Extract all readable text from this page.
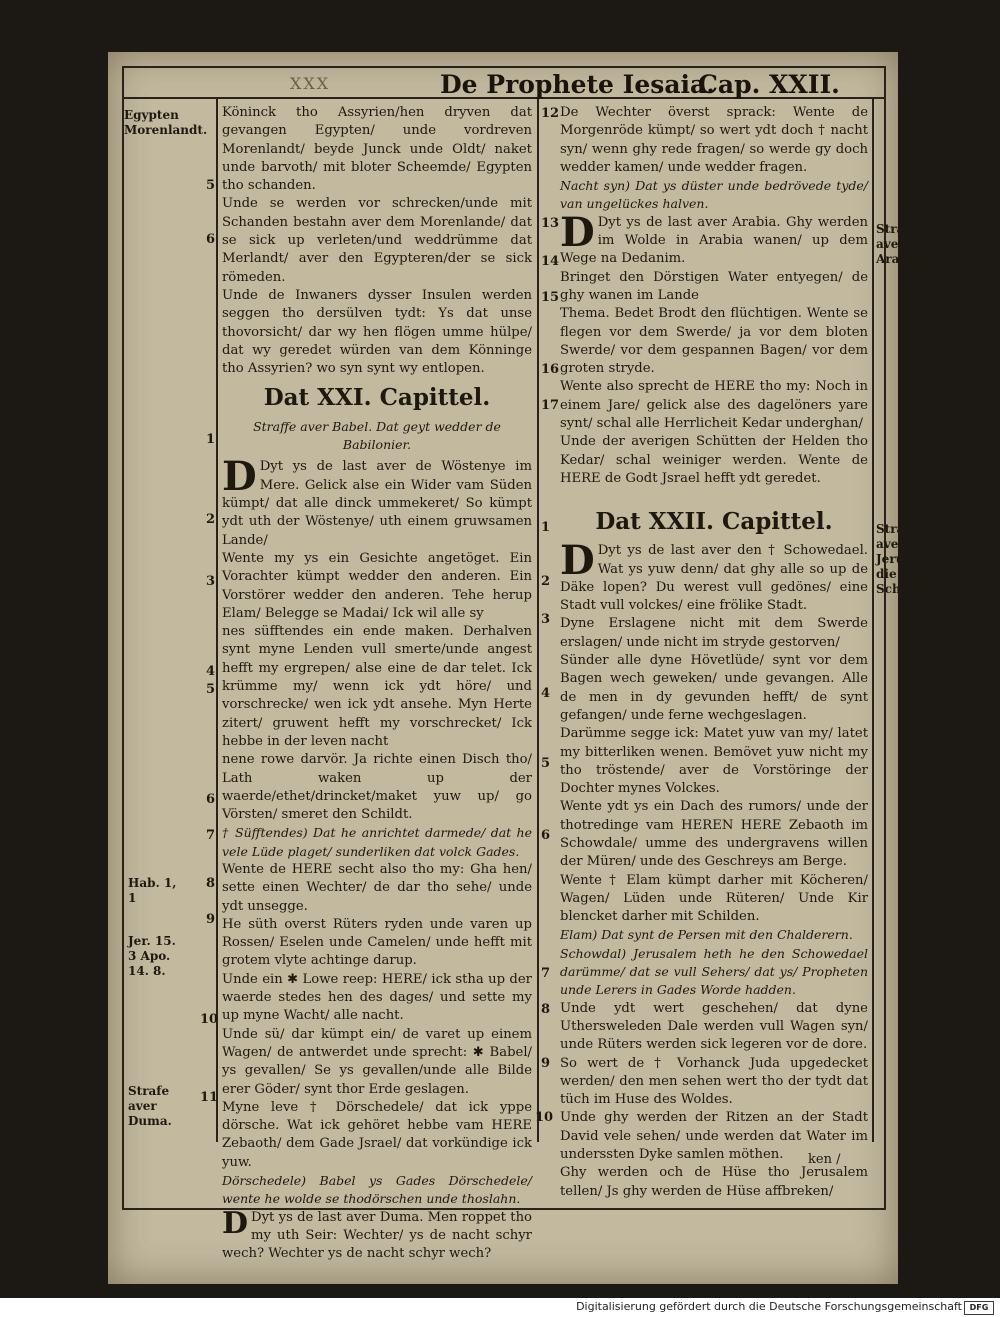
XXX	De Prophete Iesaia.
Cap. XXII.
Egypten Morenlandt.
Hab. 1, 1
Jer. 15. 3 Apo. 14. 8.
Strafe aver Duma.
Straffe aver Arabien.
Straffe aver Jerusalem die Schowdael.
5
6
1
2
3
4
5
6
7
8
9
10
11

Köninck tho Assyrien/hen dryven dat gevangen Egypten/ unde vordreven Morenlandt/ beyde Junck unde Oldt/ naket unde barvoth/ mit bloter Scheemde/ Egypten tho schanden.

Unde se werden vor schrecken/unde mit Schanden bestahn aver dem Morenlande/ dat se sick up verleten/und weddrümme dat Merlandt/ aver den Egypteren/der se sick römeden.

Unde de Inwaners dysser Insulen werden seggen tho dersülven tydt: Ys dat unse thovorsicht/ dar wy hen flögen umme hülpe/ dat wy geredet würden van dem Könninge tho Assyrien? wo syn synt wy entlopen.

Dat XXI. Capittel.

Straffe aver Babel. Dat geyt wedder de Babilonier.

D Dyt ys de last aver de Wöstenye im Mere. Gelick alse ein Wider vam Süden kümpt/ dat alle dinck ummekeret/ So kümpt ydt uth der Wöstenye/ uth einem gruwsamen Lande/

Wente my ys ein Gesichte angetöget. Ein Vorachter kümpt wedder den anderen. Ein Vorstörer wedder den anderen. Tehe herup Elam/ Belegge se Madai/ Ick wil alle sy

nes süfftendes ein ende maken. Derhalven synt myne Lenden vull smerte/unde angest hefft my ergrepen/ alse eine de dar telet. Ick krümme my/ wenn ick ydt höre/ und vorschrecke/ wen ick ydt ansehe. Myn Herte zitert/ gruwent hefft my vorschrecket/ Ick hebbe in der leven nacht

nene rowe darvör. Ja richte einen Disch tho/ Lath waken up der waerde/ethet/drincket/maket yuw up/ go Vörsten/ smeret den Schildt.

† Süfftendes) Dat he anrichtet darmede/ dat he vele Lüde plaget/ sunderliken dat volck Gades.

Wente de HERE secht also tho my: Gha hen/ sette einen Wechter/ de dar tho sehe/ unde ydt unsegge.

He süth overst Rüters ryden unde varen up Rossen/ Eselen unde Camelen/ unde hefft mit grotem vlyte achtinge darup.

Unde ein ✱ Lowe reep: HERE/ ick stha up der waerde stedes hen des dages/ und sette my up myne Wacht/ alle nacht.

Unde sü/ dar kümpt ein/ de varet up einem Wagen/ de antwerdet unde sprecht: ✱ Babel/ ys gevallen/ Se ys gevallen/unde alle Bilde erer Göder/ synt thor Erde geslagen.

Myne leve † Dörschedele/ dat ick yppe dörsche. Wat ick gehöret hebbe vam HERE Zebaoth/ dem Gade Jsrael/ dat vorkündige ick yuw.

Dörschedele) Babel ys Gades Dörschedele/ wente he wolde se thodörschen unde thoslahn.

D Dyt ys de last aver Duma. Men roppet tho my uth Seir: Wechter/ ys de nacht schyr wech? Wechter ys de nacht schyr wech?

12
13
14
15
16
17
1
2
3
4
5
6
7
8
9
10

De Wechter överst sprack: Wente de Morgenröde kümpt/ so wert ydt doch † nacht syn/ wenn ghy rede fragen/ so werde gy doch wedder kamen/ unde wedder fragen.

Nacht syn) Dat ys düster unde bedrövede tyde/ van ungelückes halven.

D Dyt ys de last aver Arabia. Ghy werden im Wolde in Arabia wanen/ up dem Wege na Dedanim.

Bringet den Dörstigen Water entyegen/ de ghy wanen im Lande

Thema. Bedet Brodt den flüchtigen. Wente se flegen vor dem Swerde/ ja vor dem bloten Swerde/ vor dem gespannen Bagen/ vor dem groten stryde.

Wente also sprecht de HERE tho my: Noch in einem Jare/ gelick alse des dagelöners yare synt/ schal alle Herrlicheit Kedar underghan/

Unde der averigen Schütten der Helden tho Kedar/ schal weiniger werden. Wente de HERE de Godt Jsrael hefft ydt geredet.

Dat XXII. Capittel.

D Dyt ys de last aver den † Schowedael. Wat ys yuw denn/ dat ghy alle so up de Däke lopen? Du werest vull gedönes/ eine Stadt vull volckes/ eine frölike Stadt.

Dyne Erslagene nicht mit dem Swerde erslagen/ unde nicht im stryde gestorven/

Sünder alle dyne Hövetlüde/ synt vor dem Bagen wech geweken/ unde gevangen. Alle de men in dy gevunden hefft/ de synt gefangen/ unde ferne wechgeslagen.

Darümme segge ick: Matet yuw van my/ latet my bitterliken wenen. Bemövet yuw nicht my tho tröstende/ aver de Vorstöringe der Dochter mynes Volckes.

Wente ydt ys ein Dach des rumors/ unde der thotredinge vam HEREN HERE Zebaoth im Schowdale/ umme des undergravens willen der Müren/ unde des Geschreys am Berge.

Wente † Elam kümpt darher mit Köcheren/ Wagen/ Lüden unde Rüteren/ Unde Kir blencket darher mit Schilden.

Elam) Dat synt de Persen mit den Chalderern.

Schowdal) Jerusalem heth he den Schowedael darümme/ dat se vull Sehers/ dat ys/ Propheten unde Lerers in Gades Worde hadden.

Unde ydt wert geschehen/ dat dyne Uthersweleden Dale werden vull Wagen syn/ unde Rüters werden sick legeren vor de dore.

So wert de † Vorhanck Juda upgedecket werden/ den men sehen wert tho der tydt dat tüch im Huse des Woldes.

Unde ghy werden der Ritzen an der Stadt David vele sehen/ unde werden dat Water im underssten Dyke samlen möthen.

Ghy werden och de Hüse tho Jerusalem tellen/ Js ghy werden de Hüse affbreken/

ken /
Digitalisierung gefördert durch die Deutsche Forschungsgemeinschaft DFG
